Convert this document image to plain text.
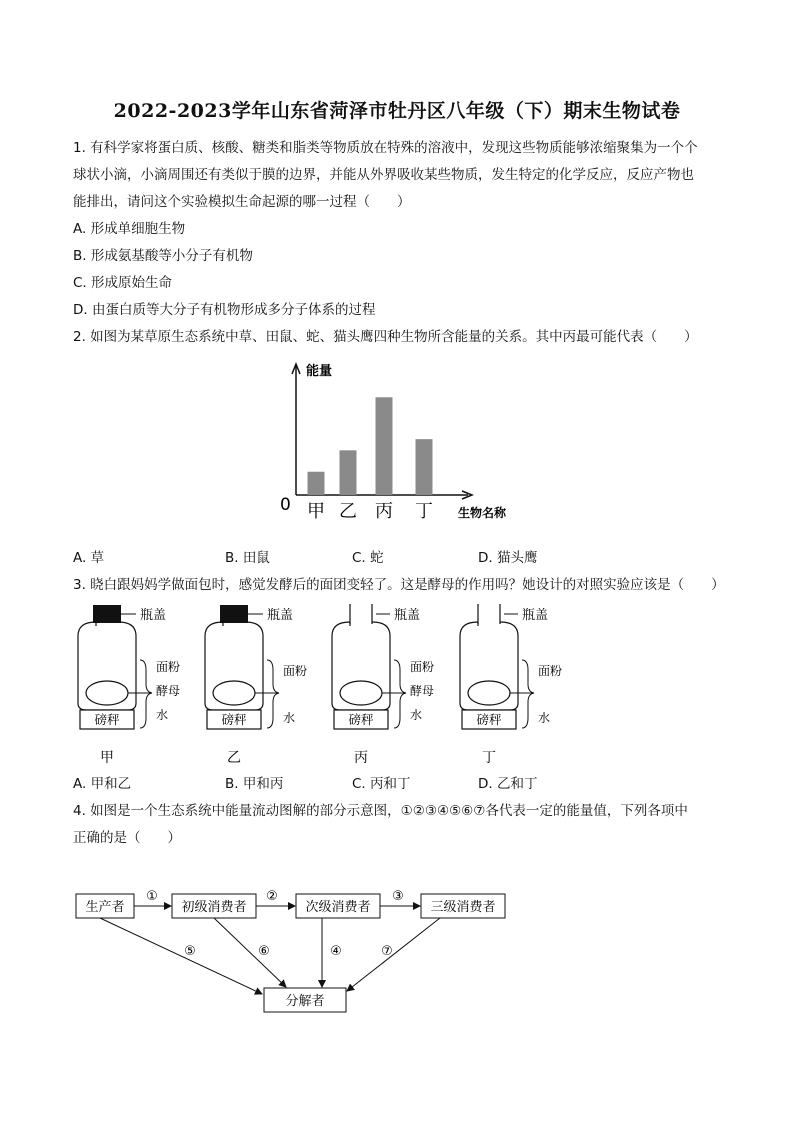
2022-2023学年山东省菏泽市牡丹区八年级（下）期末生物试卷
1. 有科学家将蛋白质、核酸、糖类和脂类等物质放在特殊的溶液中，发现这些物质能够浓缩聚集为一个个
球状小滴，小滴周围还有类似于膜的边界，并能从外界吸收某些物质，发生特定的化学反应，反应产物也
能排出，请问这个实验模拟生命起源的哪一过程（　　）
A. 形成单细胞生物
B. 形成氨基酸等小分子有机物
C. 形成原始生命
D. 由蛋白质等大分子有机物形成多分子体系的过程
2. 如图为某草原生态系统中草、田鼠、蛇、猫头鹰四种生物所含能量的关系。其中丙最可能代表（　　）
能量
生物名称
0 甲 乙 丙 丁
A. 草	B. 田鼠	C. 蛇	D. 猫头鹰
3. 晓白跟妈妈学做面包时，感觉发酵后的面团变轻了。这是酵母的作用吗？她设计的对照实验应该是（　　）
瓶盖
面粉
酵母
水
磅秤
甲
瓶盖
面粉
水
磅秤
乙
瓶盖
面粉
酵母
水
磅秤
丙
瓶盖
面粉
水
磅秤
丁
A. 甲和乙	B. 甲和丙	C. 丙和丁	D. 乙和丁
4. 如图是一个生态系统中能量流动图解的部分示意图，①②③④⑤⑥⑦各代表一定的能量值，下列各项中
正确的是（　　）
生产者	初级消费者	次级消费者	三级消费者
分解者
①	②	③
⑤	⑥	④	⑦
